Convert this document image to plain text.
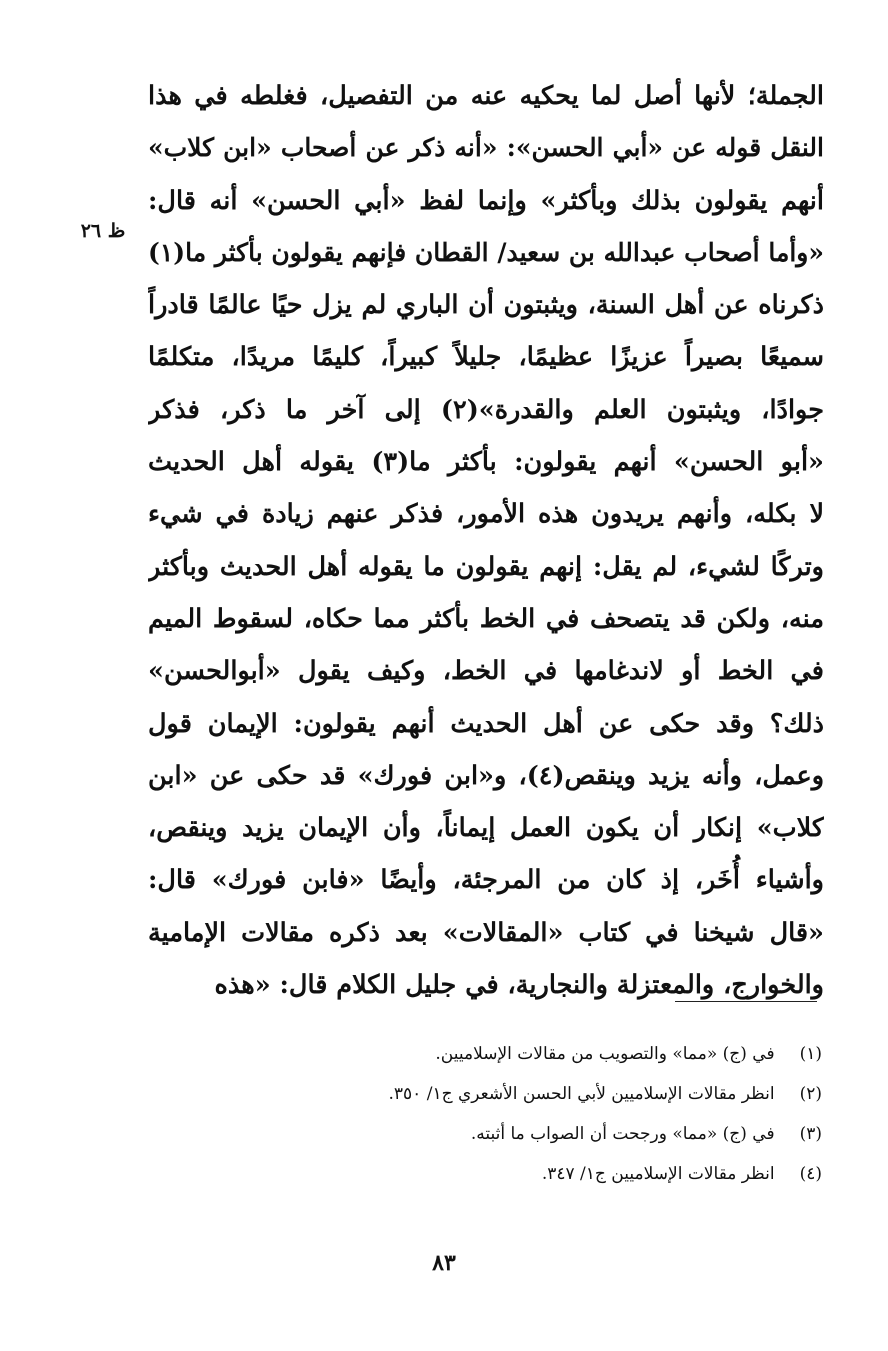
ظ ٢٦
الجملة؛ لأنها أصل لما يحكيه عنه من التفصيل، فغلطه في هذا
النقل قوله عن «أبي الحسن»: «أنه ذكر عن أصحاب «ابن كلاب»
أنهم يقولون بذلك وبأكثر» وإنما لفظ «أبي الحسن» أنه قال:
«وأما أصحاب عبدالله بن سعيد/ القطان فإنهم يقولون بأكثر ما(١)
ذكرناه عن أهل السنة، ويثبتون أن الباري لم يزل حيًا عالمًا قادراً
سميعًا بصيراً عزيزًا عظيمًا، جليلاً كبيراً، كليمًا مريدًا، متكلمًا
جوادًا، ويثبتون العلم والقدرة»(٢) إلى آخر ما ذكر، فذكر
«أبو الحسن» أنهم يقولون: بأكثر ما(٣) يقوله أهل الحديث
لا بكله، وأنهم يريدون هذه الأمور، فذكر عنهم زيادة في شيء
وتركًا لشيء، لم يقل: إنهم يقولون ما يقوله أهل الحديث وبأكثر
منه، ولكن قد يتصحف في الخط بأكثر مما حكاه، لسقوط الميم
في الخط أو لاندغامها في الخط، وكيف يقول «أبوالحسن»
ذلك؟ وقد حكى عن أهل الحديث أنهم يقولون: الإيمان قول
وعمل، وأنه يزيد وينقص(٤)، و«ابن فورك» قد حكى عن «ابن
كلاب» إنكار أن يكون العمل إيماناً، وأن الإيمان يزيد وينقص،
وأشياء أُخَر، إذ كان من المرجئة، وأيضًا «فابن فورك» قال:
«قال شيخنا في كتاب «المقالات» بعد ذكره مقالات الإمامية
والخوارج، والمعتزلة والنجارية، في جليل الكلام قال: «هذه
(١) في (ج) «مما» والتصويب من مقالات الإسلاميين.
(٢) انظر مقالات الإسلاميين لأبي الحسن الأشعري ج١/ ٣٥٠.
(٣) في (ج) «مما» ورجحت أن الصواب ما أثبته.
(٤) انظر مقالات الإسلاميين ج١/ ٣٤٧.
٨٣
